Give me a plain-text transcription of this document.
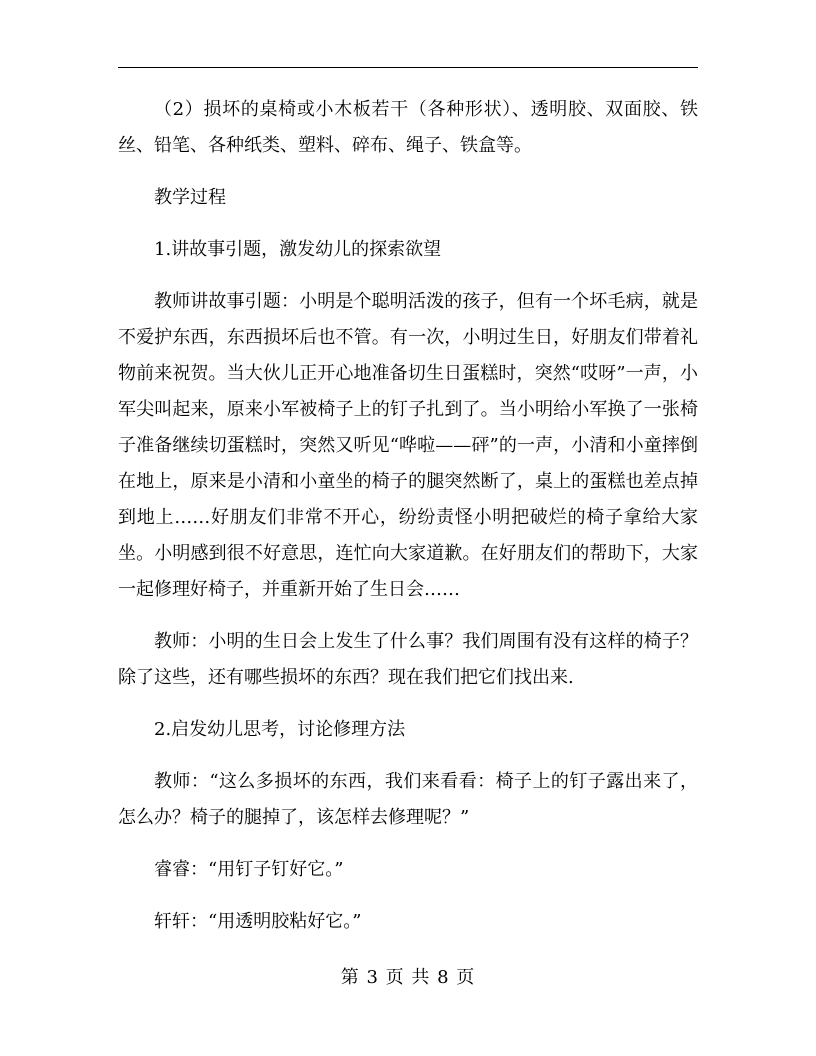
（2）损坏的桌椅或小木板若干（各种形状）、透明胶、双面胶、铁丝、铅笔、各种纸类、塑料、碎布、绳子、铁盒等。

教学过程

1.讲故事引题，激发幼儿的探索欲望

教师讲故事引题：小明是个聪明活泼的孩子，但有一个坏毛病，就是不爱护东西，东西损坏后也不管。有一次，小明过生日，好朋友们带着礼物前来祝贺。当大伙儿正开心地准备切生日蛋糕时，突然“哎呀”一声，小军尖叫起来，原来小军被椅子上的钉子扎到了。当小明给小军换了一张椅子准备继续切蛋糕时，突然又听见“哗啦——砰”的一声，小清和小童摔倒在地上，原来是小清和小童坐的椅子的腿突然断了，桌上的蛋糕也差点掉到地上……好朋友们非常不开心，纷纷责怪小明把破烂的椅子拿给大家坐。小明感到很不好意思，连忙向大家道歉。在好朋友们的帮助下，大家一起修理好椅子，并重新开始了生日会……

教师：小明的生日会上发生了什么事？我们周围有没有这样的椅子？除了这些，还有哪些损坏的东西？现在我们把它们找出来.

2.启发幼儿思考，讨论修理方法

教师：“这么多损坏的东西，我们来看看：椅子上的钉子露出来了，怎么办？椅子的腿掉了，该怎样去修理呢？”

睿睿：“用钉子钉好它。”

轩轩：“用透明胶粘好它。”

第 3 页 共 8 页
